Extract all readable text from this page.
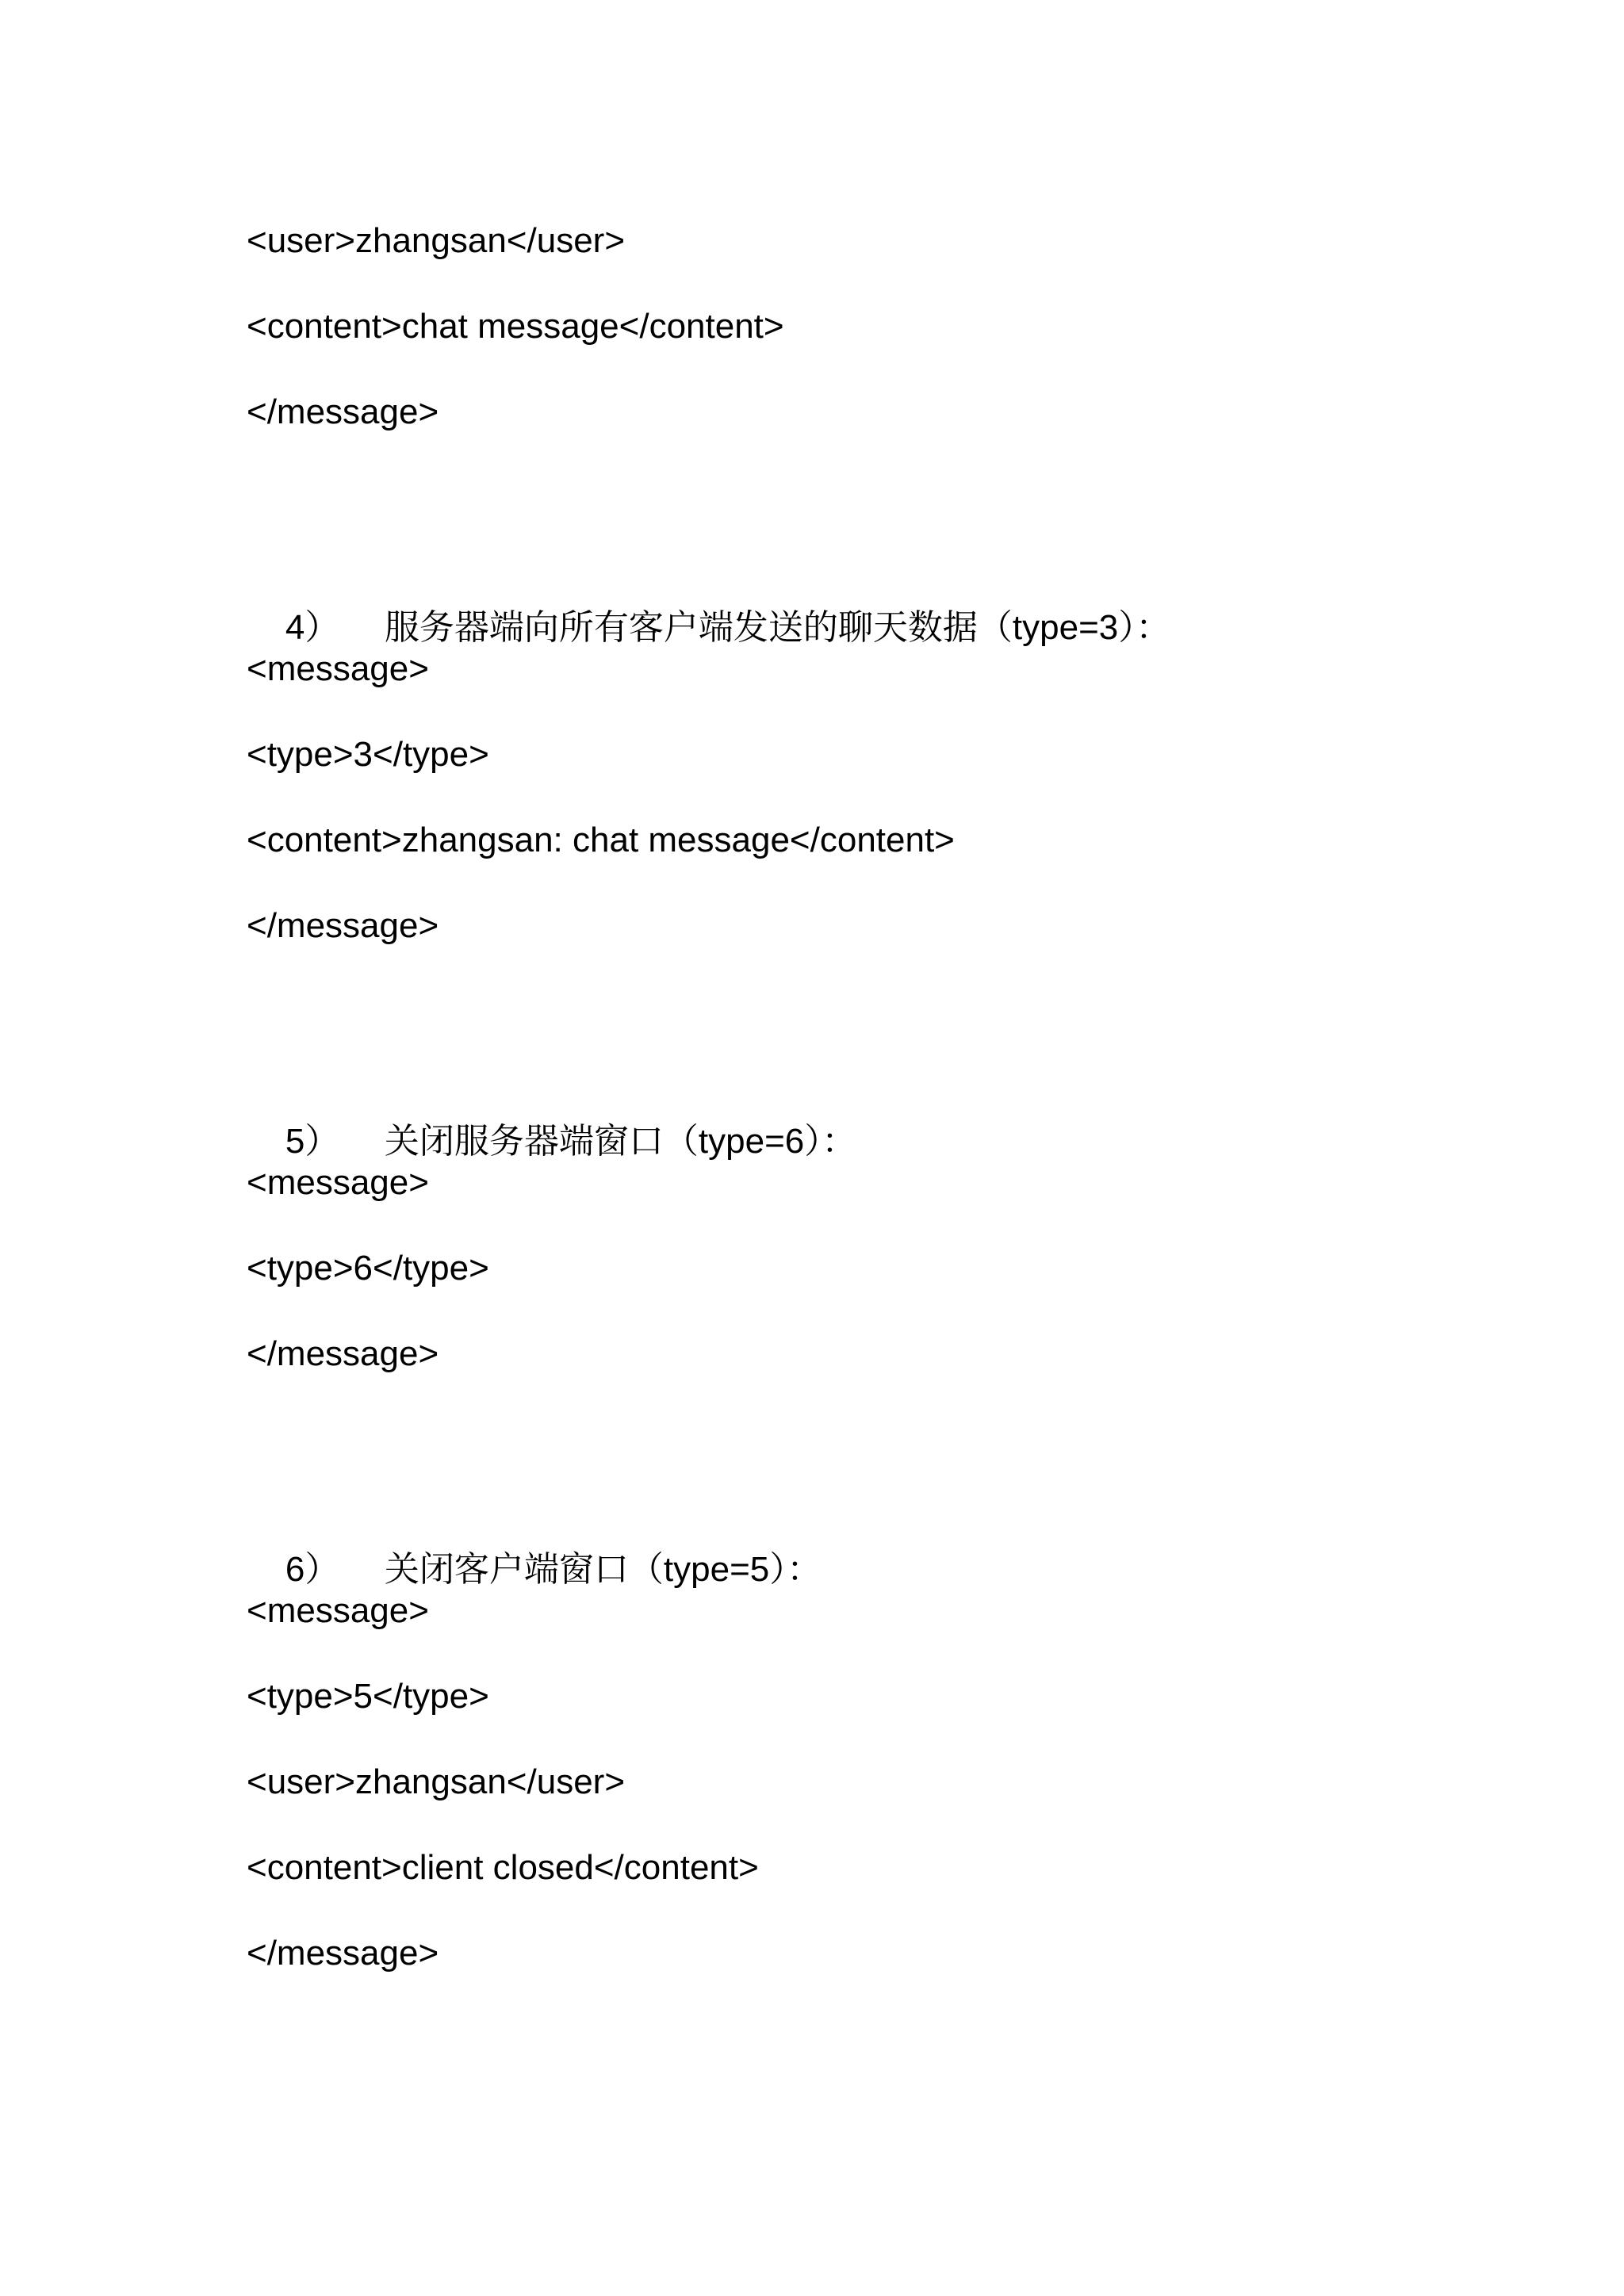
<user>zhangsan</user>
<content>chat message</content>
</message>

4） 服务器端向所有客户端发送的聊天数据（type=3）：

<message>
<type>3</type>
<content>zhangsan: chat message</content>
</message>

5） 关闭服务器端窗口（type=6）：

<message>
<type>6</type>
</message>

6） 关闭客户端窗口（type=5）：

<message>
<type>5</type>
<user>zhangsan</user>
<content>client closed</content>
</message>
